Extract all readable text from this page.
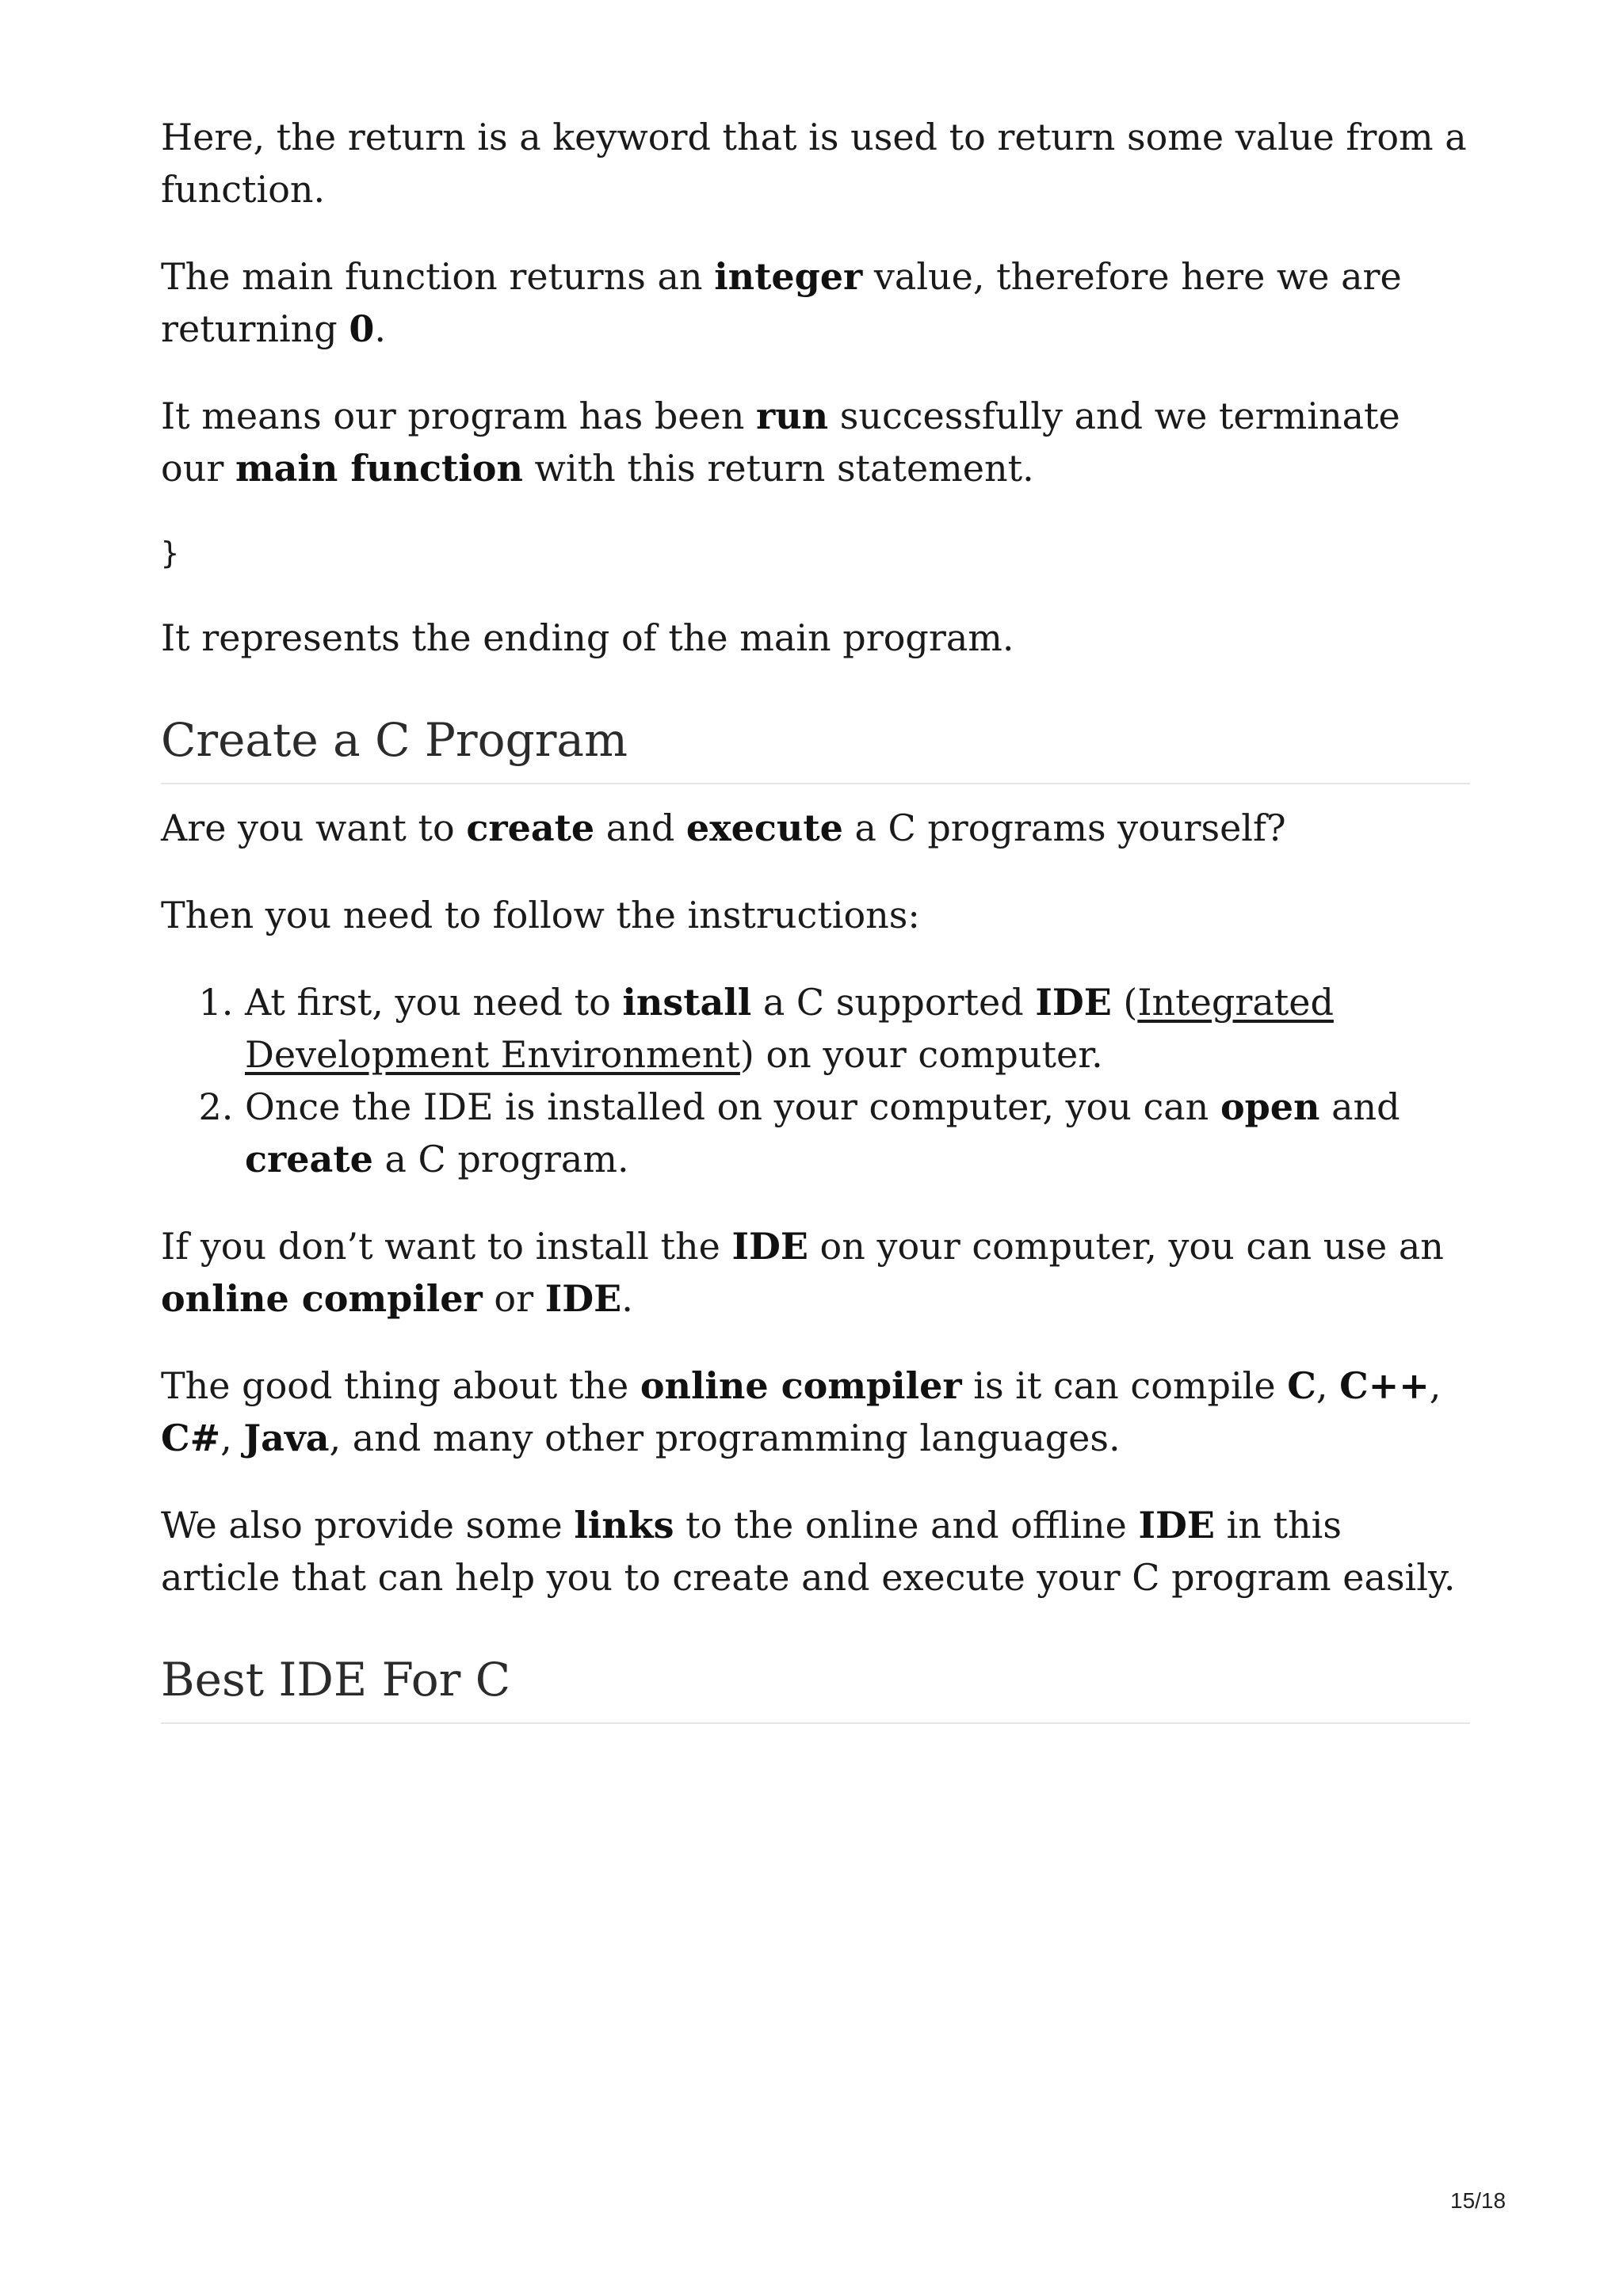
Here, the return is a keyword that is used to return some value from a function.

The main function returns an integer value, therefore here we are returning 0.

It means our program has been run successfully and we terminate our main function with this return statement.

}

It represents the ending of the main program.

Create a C Program

Are you want to create and execute a C programs yourself?

Then you need to follow the instructions:

1. At first, you need to install a C supported IDE (Integrated Development Environment) on your computer.
2. Once the IDE is installed on your computer, you can open and create a C program.

If you don’t want to install the IDE on your computer, you can use an online compiler or IDE.

The good thing about the online compiler is it can compile C, C++, C#, Java, and many other programming languages.

We also provide some links to the online and offline IDE in this article that can help you to create and execute your C program easily.

Best IDE For C
15/18
